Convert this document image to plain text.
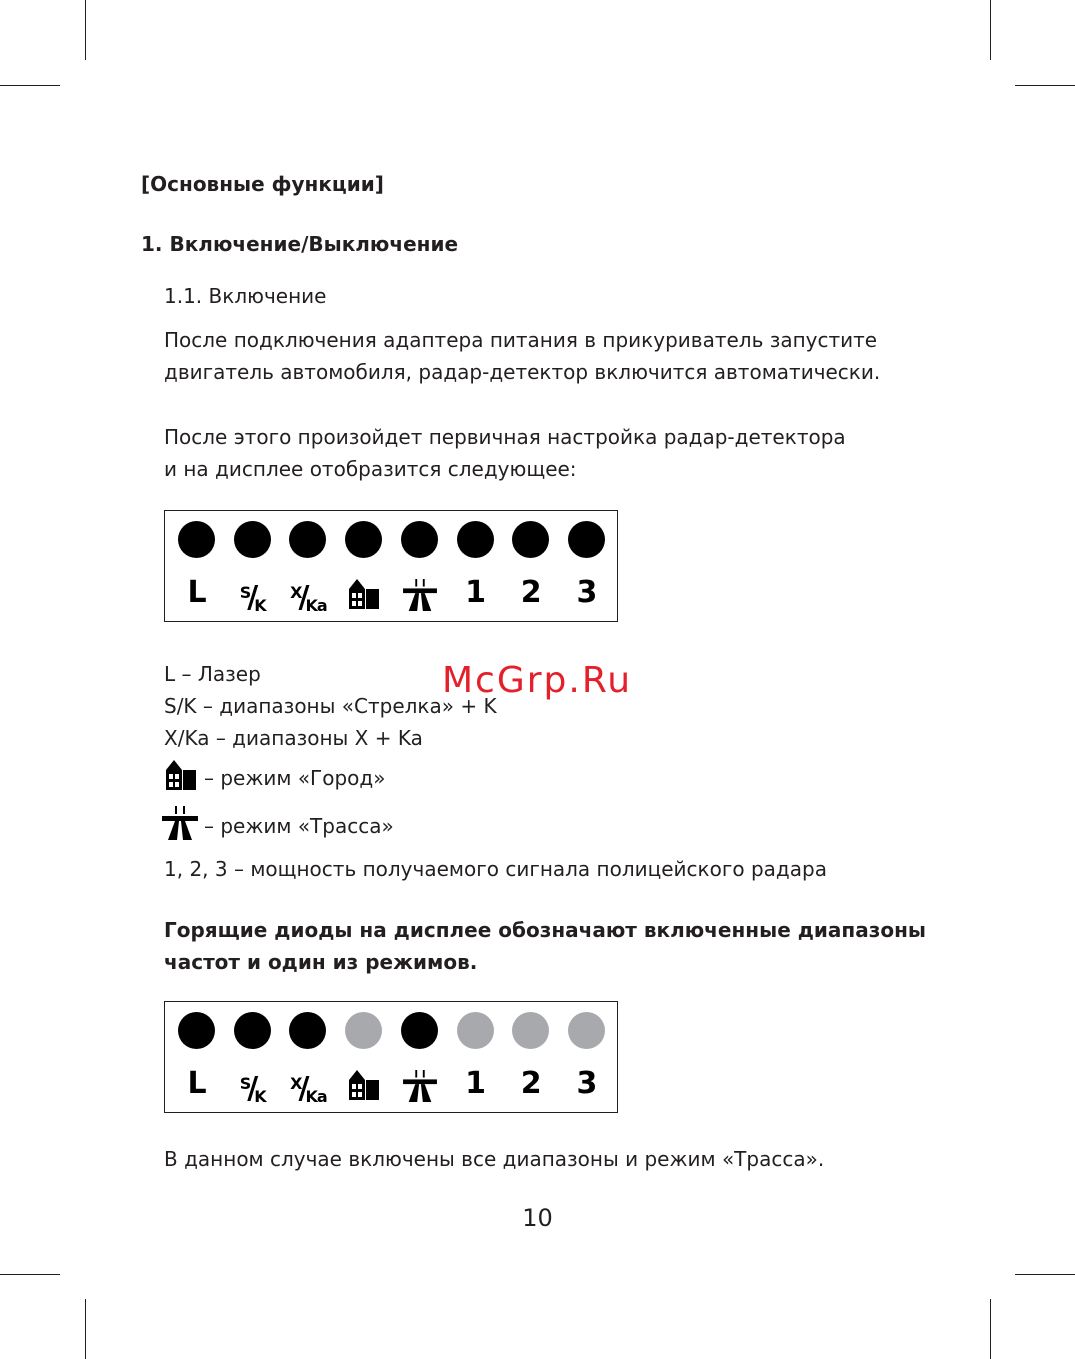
[Основные функции]
1. Включение/Выключение
1.1. Включение
После подключения адаптера питания в прикуриватель запустите
двигатель автомобиля, радар-детектор включится автоматически.
После этого произойдет первичная настройка радар-детектора
и на дисплее отобразится следующее:
L	S/K
X/Ka	1	2	3
L – Лазер
S/K – диапазоны «Стрелка» + K
X/Ka – диапазоны X + Ka
– режим «Город»
– режим «Трасса»
1, 2, 3 – мощность получаемого сигнала полицейского радара
Горящие диоды на дисплее обозначают включенные диапазоны
частот и один из режимов.
L	S/K
X/Ka	1	2	3
В данном случае включены все диапазоны и режим «Трасса».
McGrp.Ru
10
